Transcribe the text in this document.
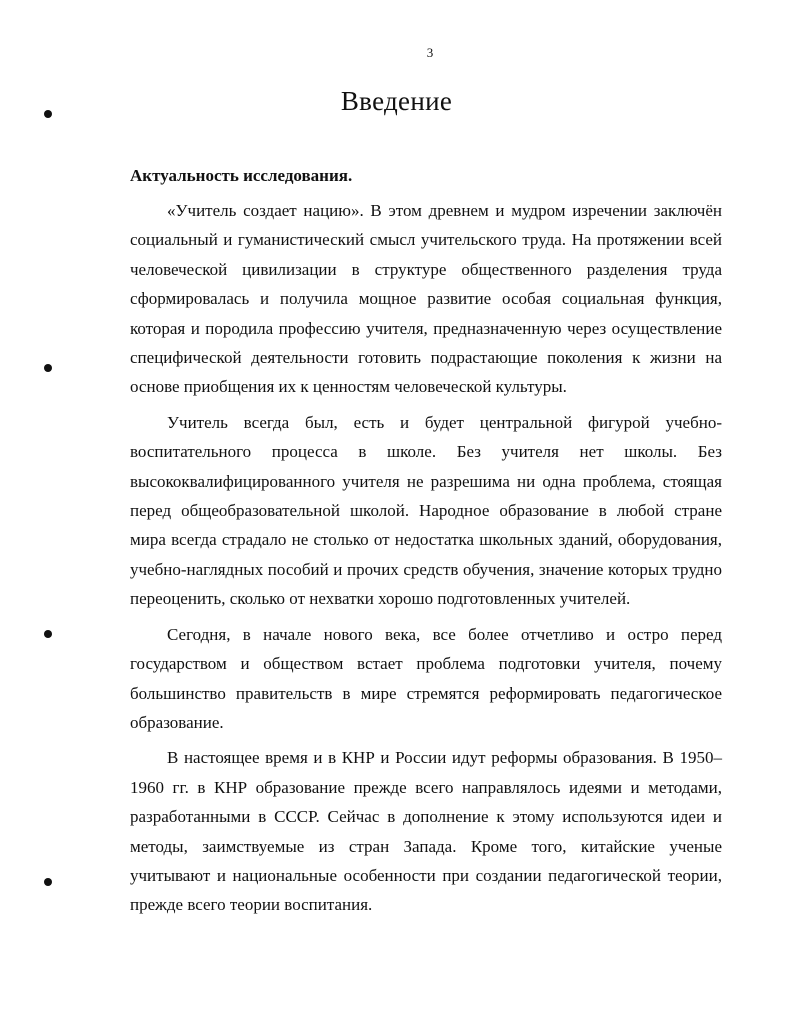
3
Введение
Актуальность исследования.

«Учитель создает нацию». В этом древнем и мудром изречении заключён социальный и гуманистический смысл учительского труда. На протяжении всей человеческой цивилизации в структуре общественного разделения труда сформировалась и получила мощное развитие особая социальная функция, которая и породила профессию учителя, предназначенную через осуществление специфической деятельности готовить подрастающие поколения к жизни на основе приобщения их к ценностям человеческой культуры.

Учитель всегда был, есть и будет центральной фигурой учебно-воспитательного процесса в школе. Без учителя нет школы. Без высококвалифицированного учителя не разрешима ни одна проблема, стоящая перед общеобразовательной школой. Народное образование в любой стране мира всегда страдало не столько от недостатка школьных зданий, оборудования, учебно-наглядных пособий и прочих средств обучения, значение которых трудно переоценить, сколько от нехватки хорошо подготовленных учителей.

Сегодня, в начале нового века, все более отчетливо и остро перед государством и обществом встает проблема подготовки учителя, почему большинство правительств в мире стремятся реформировать педагогическое образование.

В настоящее время и в КНР и России идут реформы образования. В 1950–1960 гг. в КНР образование прежде всего направлялось идеями и методами, разработанными в СССР. Сейчас в дополнение к этому используются идеи и методы, заимствуемые из стран Запада. Кроме того, китайские ученые учитывают и национальные особенности при создании педагогической теории, прежде всего теории воспитания.
